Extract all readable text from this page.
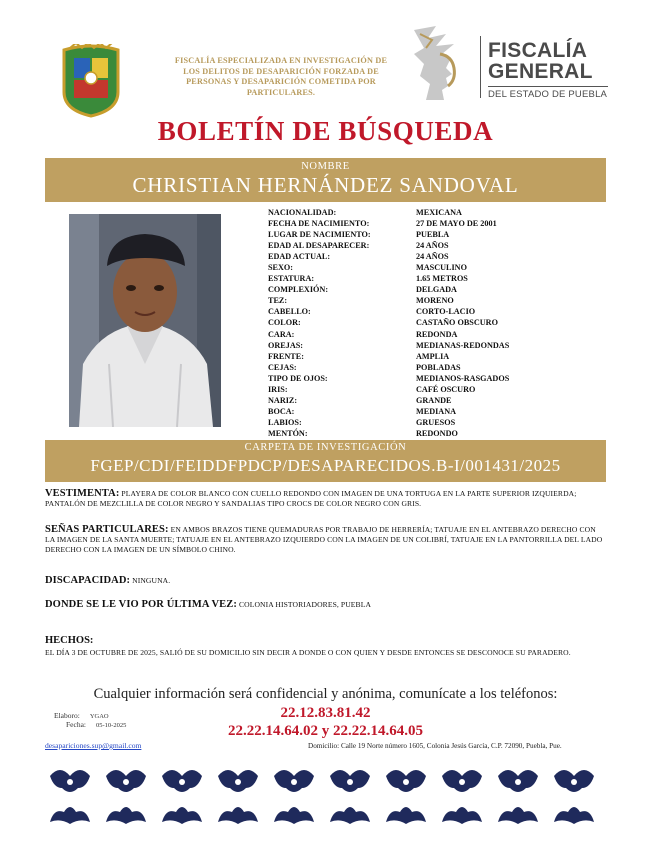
FISCALÍA ESPECIALIZADA EN INVESTIGACIÓN DE
LOS DELITOS DE DESAPARICIÓN FORZADA DE
PERSONAS Y DESAPARICIÓN COMETIDA POR
PARTICULARES.
FISCALÍA
GENERAL
DEL ESTADO DE PUEBLA
BOLETÍN DE BÚSQUEDA
NOMBRE
CHRISTIAN HERNÁNDEZ SANDOVAL
NACIONALIDAD:	MEXICANA
FECHA DE NACIMIENTO:	27 DE MAYO DE 2001
LUGAR DE NACIMIENTO:	PUEBLA
EDAD AL DESAPARECER:	24 AÑOS
EDAD ACTUAL:	24 AÑOS
SEXO:	MASCULINO
ESTATURA:	1.65 METROS
COMPLEXIÓN:	DELGADA
TEZ:	MORENO
CABELLO:	CORTO-LACIO
COLOR:	CASTAÑO OBSCURO
CARA:	REDONDA
OREJAS:	MEDIANAS-REDONDAS
FRENTE:	AMPLIA
CEJAS:	POBLADAS
TIPO DE OJOS:	MEDIANOS-RASGADOS
IRIS:	CAFÉ OSCURO
NARIZ:	GRANDE
BOCA:	MEDIANA
LABIOS:	GRUESOS
MENTÓN:	REDONDO
CARPETA DE INVESTIGACIÓN
FGEP/CDI/FEIDDFPDCP/DESAPARECIDOS.B-I/001431/2025
VESTIMENTA: PLAYERA DE COLOR BLANCO CON CUELLO REDONDO CON IMAGEN DE UNA TORTUGA EN LA PARTE SUPERIOR IZQUIERDA; PANTALÓN DE MEZCLILLA DE COLOR NEGRO Y SANDALIAS TIPO CROCS DE COLOR NEGRO CON GRIS.
SEÑAS PARTICULARES: EN AMBOS BRAZOS TIENE QUEMADURAS POR TRABAJO DE HERRERÍA; TATUAJE EN EL ANTEBRAZO DERECHO CON LA IMAGEN DE LA SANTA MUERTE; TATUAJE EN EL ANTEBRAZO IZQUIERDO CON LA IMAGEN DE UN COLIBRÍ, TATUAJE EN LA PANTORRILLA DEL LADO DERECHO CON LA IMAGEN DE UN SÍMBOLO CHINO.
DISCAPACIDAD: NINGUNA.
DONDE SE LE VIO POR ÚLTIMA VEZ: COLONIA HISTORIADORES, PUEBLA
HECHOS:
EL DÍA 3 DE OCTUBRE DE 2025, SALIÓ DE SU DOMICILIO SIN DECIR A DONDE O CON QUIEN Y DESDE ENTONCES SE DESCONOCE SU PARADERO.
Cualquier información será confidencial y anónima, comunícate a los teléfonos:
22.12.83.81.42
22.22.14.64.02 y 22.22.14.64.05
Elaboro: YGAO
Fecha: 05-10-2025
desapariciones.sup@gmail.com	Domicilio: Calle 19 Norte número 1605, Colonia Jesús García, C.P. 72090, Puebla, Pue.
